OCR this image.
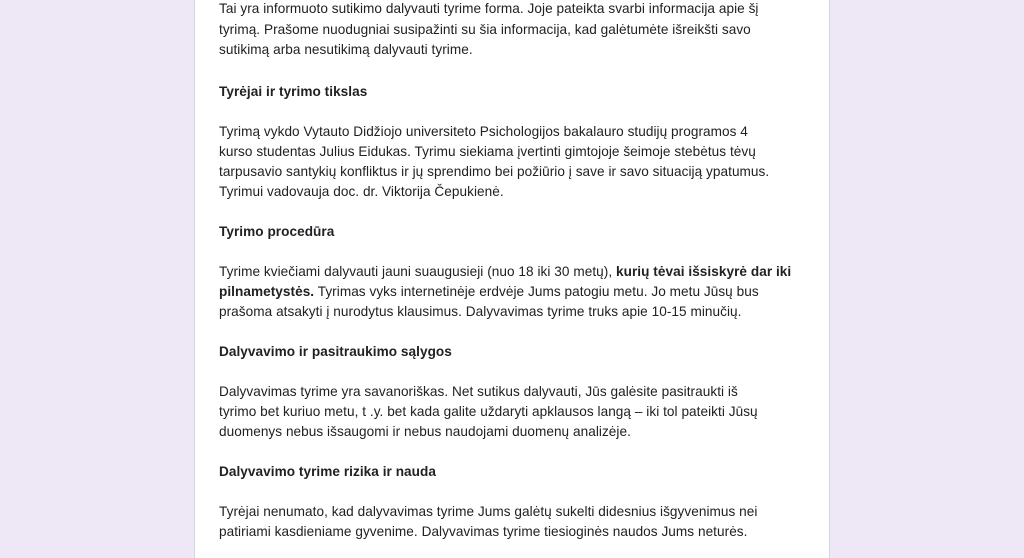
Tai yra informuoto sutikimo dalyvauti tyrime forma. Joje pateikta svarbi informacija apie šį
tyrimą. Prašome nuodugniai susipažinti su šia informacija, kad galėtumėte išreikšti savo
sutikimą arba nesutikimą dalyvauti tyrime.
Tyrėjai ir tyrimo tikslas
Tyrimą vykdo Vytauto Didžiojo universiteto Psichologijos bakalauro studijų programos 4
kurso studentas Julius Eidukas. Tyrimu siekiama įvertinti gimtojoje šeimoje stebėtus tėvų
tarpusavio santykių konfliktus ir jų sprendimo bei požiūrio į save ir savo situaciją ypatumus.
Tyrimui vadovauja doc. dr. Viktorija Čepukienė.
Tyrimo procedūra
Tyrime kviečiami dalyvauti jauni suaugusieji (nuo 18 iki 30 metų), kurių tėvai išsiskyrė dar iki
pilnametystės. Tyrimas vyks internetinėje erdvėje Jums patogiu metu. Jo metu Jūsų bus
prašoma atsakyti į nurodytus klausimus. Dalyvavimas tyrime truks apie 10-15 minučių.
Dalyvavimo ir pasitraukimo sąlygos
Dalyvavimas tyrime yra savanoriškas. Net sutikus dalyvauti, Jūs galėsite pasitraukti iš
tyrimo bet kuriuo metu, t .y. bet kada galite uždaryti apklausos langą – iki tol pateikti Jūsų
duomenys nebus išsaugomi ir nebus naudojami duomenų analizėje.
Dalyvavimo tyrime rizika ir nauda
Tyrėjai nenumato, kad dalyvavimas tyrime Jums galėtų sukelti didesnius išgyvenimus nei
patiriami kasdieniame gyvenime. Dalyvavimas tyrime tiesioginės naudos Jums neturės.
